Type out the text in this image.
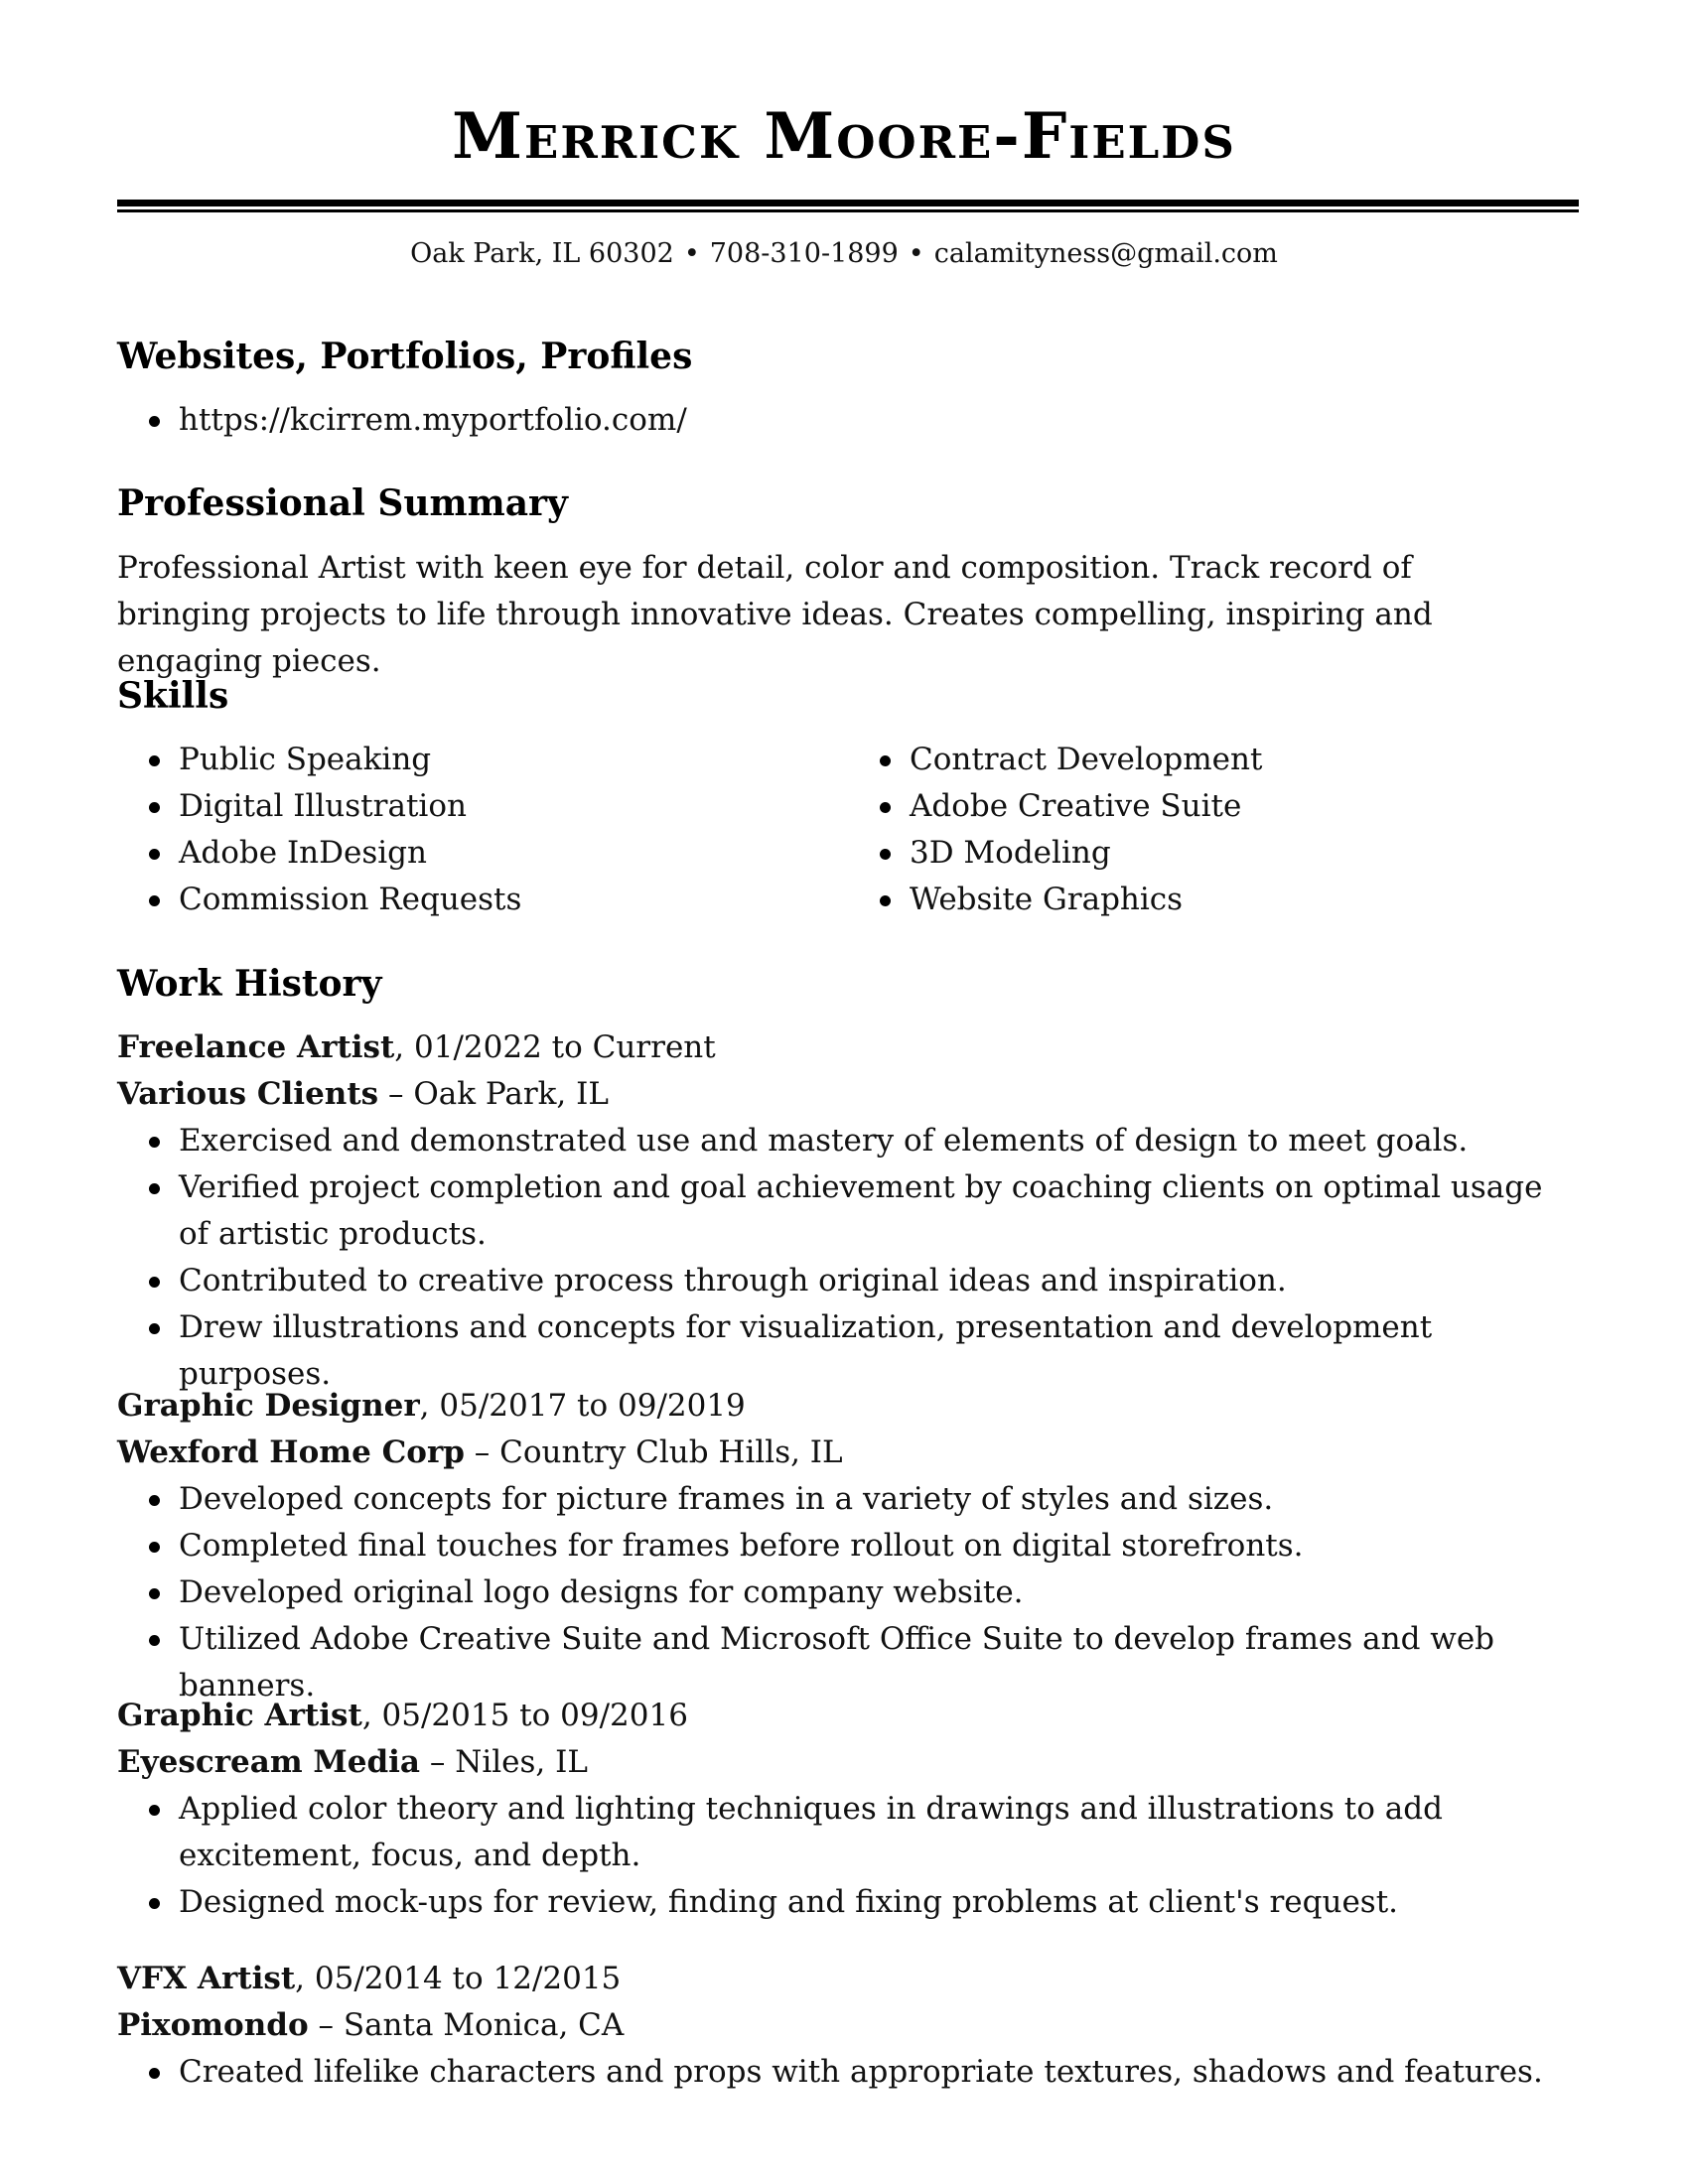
Merrick Moore-Fields
Oak Park, IL 60302 • 708-310-1899 • calamityness@gmail.com
Websites, Portfolios, Profiles
https://kcirrem.myportfolio.com/
Professional Summary
Professional Artist with keen eye for detail, color and composition. Track record of bringing projects to life through innovative ideas. Creates compelling, inspiring and engaging pieces.
Skills
Public Speaking
Digital Illustration
Adobe InDesign
Commission Requests
Contract Development
Adobe Creative Suite
3D Modeling
Website Graphics
Work History
Freelance Artist, 01/2022 to Current
Various Clients – Oak Park, IL
Exercised and demonstrated use and mastery of elements of design to meet goals.
Verified project completion and goal achievement by coaching clients on optimal usage of artistic products.
Contributed to creative process through original ideas and inspiration.
Drew illustrations and concepts for visualization, presentation and development purposes.
Graphic Designer, 05/2017 to 09/2019
Wexford Home Corp – Country Club Hills, IL
Developed concepts for picture frames in a variety of styles and sizes.
Completed final touches for frames before rollout on digital storefronts.
Developed original logo designs for company website.
Utilized Adobe Creative Suite and Microsoft Office Suite to develop frames and web banners.
Graphic Artist, 05/2015 to 09/2016
Eyescream Media – Niles, IL
Applied color theory and lighting techniques in drawings and illustrations to add excitement, focus, and depth.
Designed mock-ups for review, finding and fixing problems at client's request.
VFX Artist, 05/2014 to 12/2015
Pixomondo – Santa Monica, CA
Created lifelike characters and props with appropriate textures, shadows and features.
